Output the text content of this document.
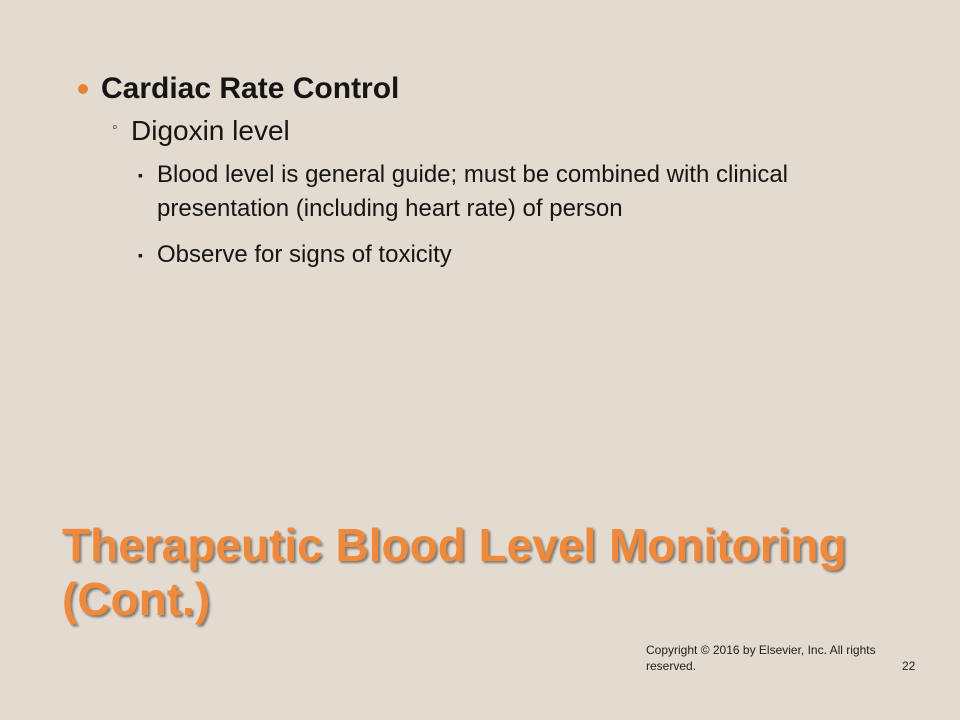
Cardiac Rate Control
◦ Digoxin level
▪ Blood level is general guide; must be combined with clinical presentation (including heart rate) of person
▪ Observe for signs of toxicity
Therapeutic Blood Level Monitoring
(Cont.)
Copyright © 2016 by Elsevier, Inc. All rights reserved.	22
